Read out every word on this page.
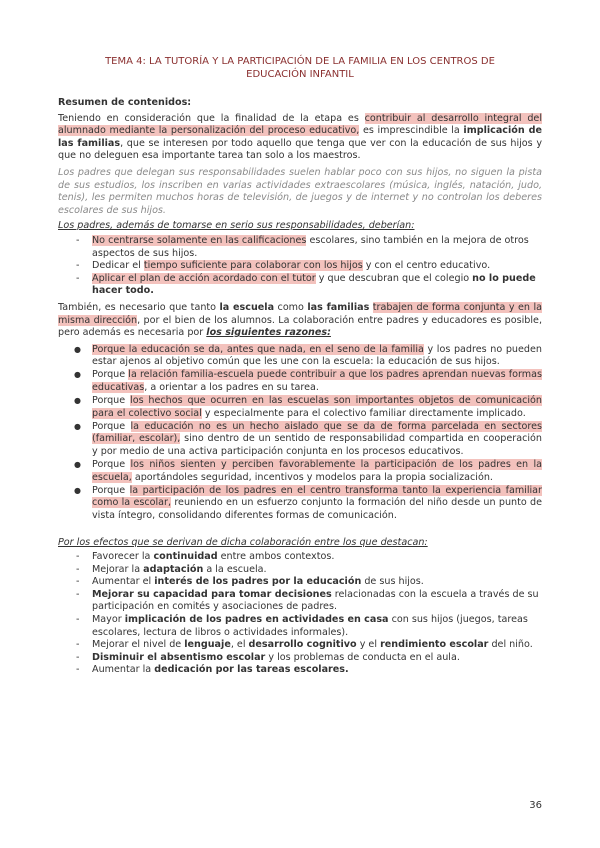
TEMA 4: LA TUTORÍA Y LA PARTICIPACIÓN DE LA FAMILIA EN LOS CENTROS DE EDUCACIÓN INFANTIL
Resumen de contenidos:

Teniendo en consideración que la finalidad de la etapa es contribuir al desarrollo integral del alumnado mediante la personalización del proceso educativo, es imprescindible la implicación de las familias, que se interesen por todo aquello que tenga que ver con la educación de sus hijos y que no deleguen esa importante tarea tan solo a los maestros.

Los padres que delegan sus responsabilidades suelen hablar poco con sus hijos, no siguen la pista de sus estudios, los inscriben en varias actividades extraescolares (música, inglés, natación, judo, tenis), les permiten muchos horas de televisión, de juegos y de internet y no controlan los deberes escolares de sus hijos.

Los padres, además de tomarse en serio sus responsabilidades, deberían:
- No centrarse solamente en las calificaciones escolares, sino también en la mejora de otros aspectos de sus hijos.
- Dedicar el tiempo suficiente para colaborar con los hijos y con el centro educativo.
- Aplicar el plan de acción acordado con el tutor y que descubran que el colegio no lo puede hacer todo.

También, es necesario que tanto la escuela como las familias trabajen de forma conjunta y en la misma dirección, por el bien de los alumnos. La colaboración entre padres y educadores es posible, pero además es necesaria por los siguientes razones:

● Porque la educación se da, antes que nada, en el seno de la familia y los padres no pueden estar ajenos al objetivo común que les une con la escuela: la educación de sus hijos.
● Porque la relación familia-escuela puede contribuir a que los padres aprendan nuevas formas educativas, a orientar a los padres en su tarea.
● Porque los hechos que ocurren en las escuelas son importantes objetos de comunicación para el colectivo social y especialmente para el colectivo familiar directamente implicado.
● Porque la educación no es un hecho aislado que se da de forma parcelada en sectores (familiar, escolar), sino dentro de un sentido de responsabilidad compartida en cooperación y por medio de una activa participación conjunta en los procesos educativos.
● Porque los niños sienten y perciben favorablemente la participación de los padres en la escuela, aportándoles seguridad, incentivos y modelos para la propia socialización.
● Porque la participación de los padres en el centro transforma tanto la experiencia familiar como la escolar, reuniendo en un esfuerzo conjunto la formación del niño desde un punto de vista íntegro, consolidando diferentes formas de comunicación.
Por los efectos que se derivan de dicha colaboración entre los que destacan:
- Favorecer la continuidad entre ambos contextos.
- Mejorar la adaptación a la escuela.
- Aumentar el interés de los padres por la educación de sus hijos.
- Mejorar su capacidad para tomar decisiones relacionadas con la escuela a través de su participación en comités y asociaciones de padres.
- Mayor implicación de los padres en actividades en casa con sus hijos (juegos, tareas escolares, lectura de libros o actividades informales).
- Mejorar el nivel de lenguaje, el desarrollo cognitivo y el rendimiento escolar del niño.
- Disminuir el absentismo escolar y los problemas de conducta en el aula.
- Aumentar la dedicación por las tareas escolares.
36
